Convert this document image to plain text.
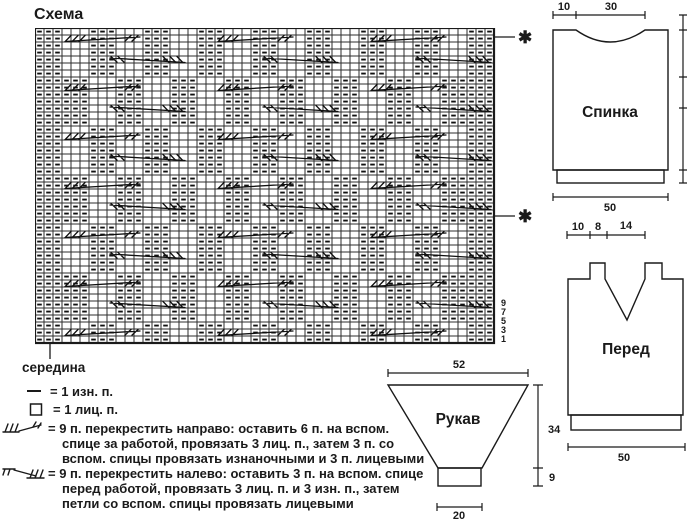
Схема
9
7
5
3
1
✱
✱
Спинка
10	30
50
Перед
10 8 14
50
Рукав
52
34
9
20
середина
= 1 изн. п.
= 1 лиц. п.
= 9 п. перекрестить направо: оставить 6 п. на вспом.
спице за работой, провязать 3 лиц. п., затем 3 п. со
вспом. спицы провязать изнаночными и 3 п. лицевыми
= 9 п. перекрестить налево: оставить 3 п. на вспом. спице
перед работой, провязать 3 лиц. п. и 3 изн. п., затем
петли со вспом. спицы провязать лицевыми
